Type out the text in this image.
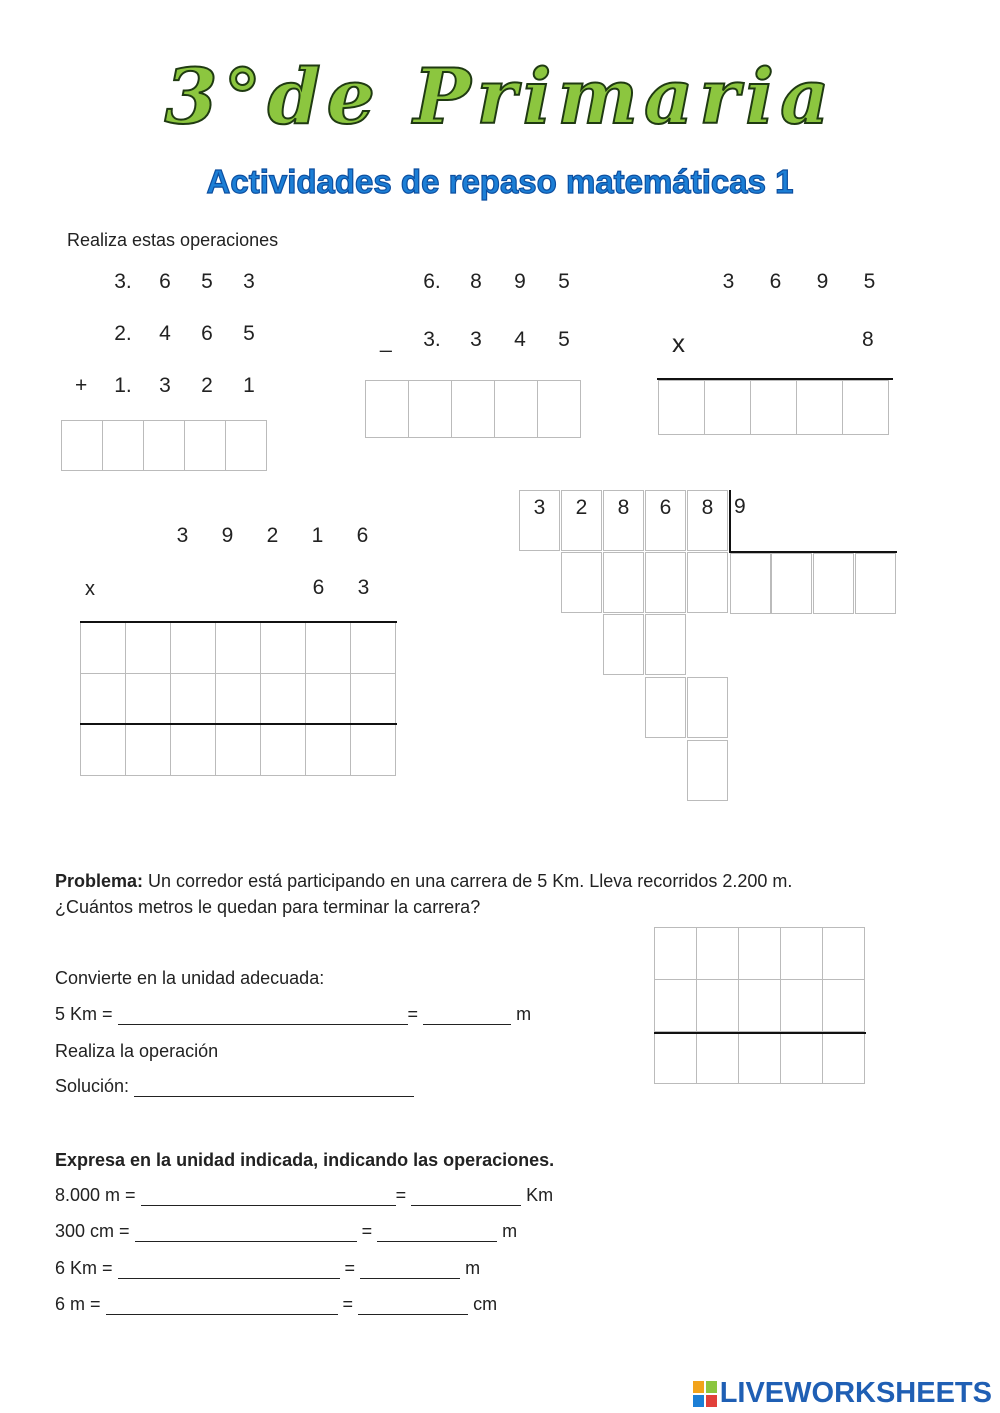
3°de Primaria
Actividades de repaso matemáticas 1
Realiza estas operaciones
3.	6	5	3
2.	4	6	5
+	1.	3	2	1
6.	8	9	5
_	3.	3	4	5
3	6	9	5
x	8
3	9	2	1	6
x	6	3
3	2	8	6	8 9
Problema: Un corredor está participando en una carrera de 5 Km. Lleva recorridos 2.200 m.
¿Cuántos metros le quedan para terminar la carrera?
Convierte en la unidad adecuada:
5 Km =	=	m
Realiza la operación
Solución:
Expresa en la unidad indicada, indicando las operaciones.
8.000 m =	=	Km
300 cm =	=	m
6 Km =	=	m
6 m =	=	cm
LIVEWORKSHEETS
